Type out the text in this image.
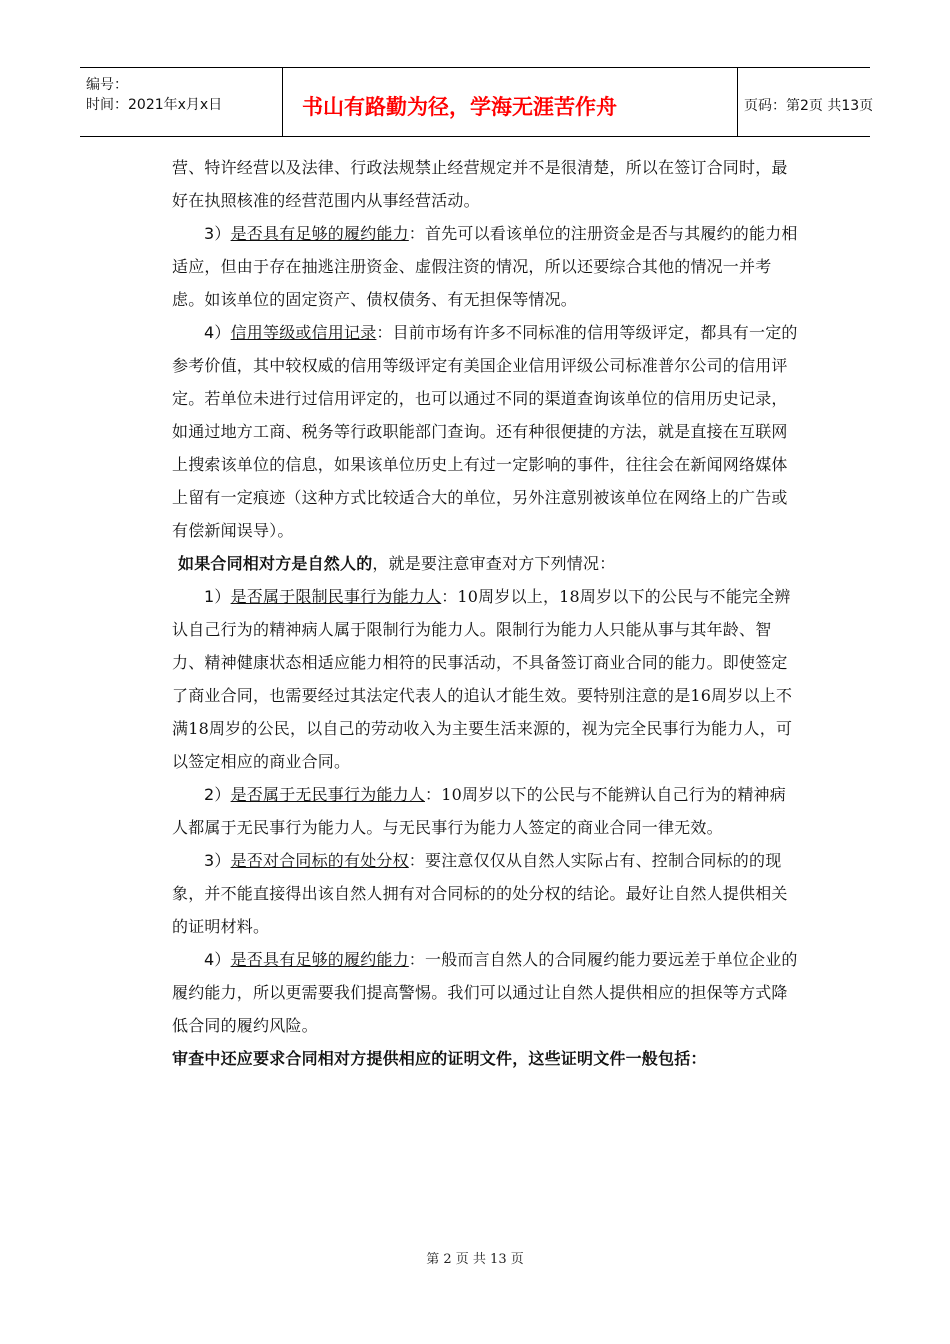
编号：
时间：2021年x月x日	书山有路勤为径，学海无涯苦作舟	页码：第2页 共13页

营、特许经营以及法律、行政法规禁止经营规定并不是很清楚，所以在签订合同时，最好在执照核准的经营范围内从事经营活动。

3）是否具有足够的履约能力：首先可以看该单位的注册资金是否与其履约的能力相适应，但由于存在抽逃注册资金、虚假注资的情况，所以还要综合其他的情况一并考虑。如该单位的固定资产、债权债务、有无担保等情况。

4）信用等级或信用记录：目前市场有许多不同标准的信用等级评定，都具有一定的参考价值，其中较权威的信用等级评定有美国企业信用评级公司标准普尔公司的信用评定。若单位未进行过信用评定的，也可以通过不同的渠道查询该单位的信用历史记录，如通过地方工商、税务等行政职能部门查询。还有种很便捷的方法，就是直接在互联网上搜索该单位的信息，如果该单位历史上有过一定影响的事件，往往会在新闻网络媒体上留有一定痕迹（这种方式比较适合大的单位，另外注意别被该单位在网络上的广告或有偿新闻误导）。

如果合同相对方是自然人的，就是要注意审查对方下列情况：

1）是否属于限制民事行为能力人：10周岁以上，18周岁以下的公民与不能完全辨认自己行为的精神病人属于限制行为能力人。限制行为能力人只能从事与其年龄、智力、精神健康状态相适应能力相符的民事活动，不具备签订商业合同的能力。即使签定了商业合同，也需要经过其法定代表人的追认才能生效。要特别注意的是16周岁以上不满18周岁的公民，以自己的劳动收入为主要生活来源的，视为完全民事行为能力人，可以签定相应的商业合同。

2）是否属于无民事行为能力人：10周岁以下的公民与不能辨认自己行为的精神病人都属于无民事行为能力人。与无民事行为能力人签定的商业合同一律无效。

3）是否对合同标的有处分权：要注意仅仅从自然人实际占有、控制合同标的的现象，并不能直接得出该自然人拥有对合同标的的处分权的结论。最好让自然人提供相关的证明材料。

4）是否具有足够的履约能力：一般而言自然人的合同履约能力要远差于单位企业的履约能力，所以更需要我们提高警惕。我们可以通过让自然人提供相应的担保等方式降低合同的履约风险。

审查中还应要求合同相对方提供相应的证明文件，这些证明文件一般包括：

第 2 页 共 13 页
